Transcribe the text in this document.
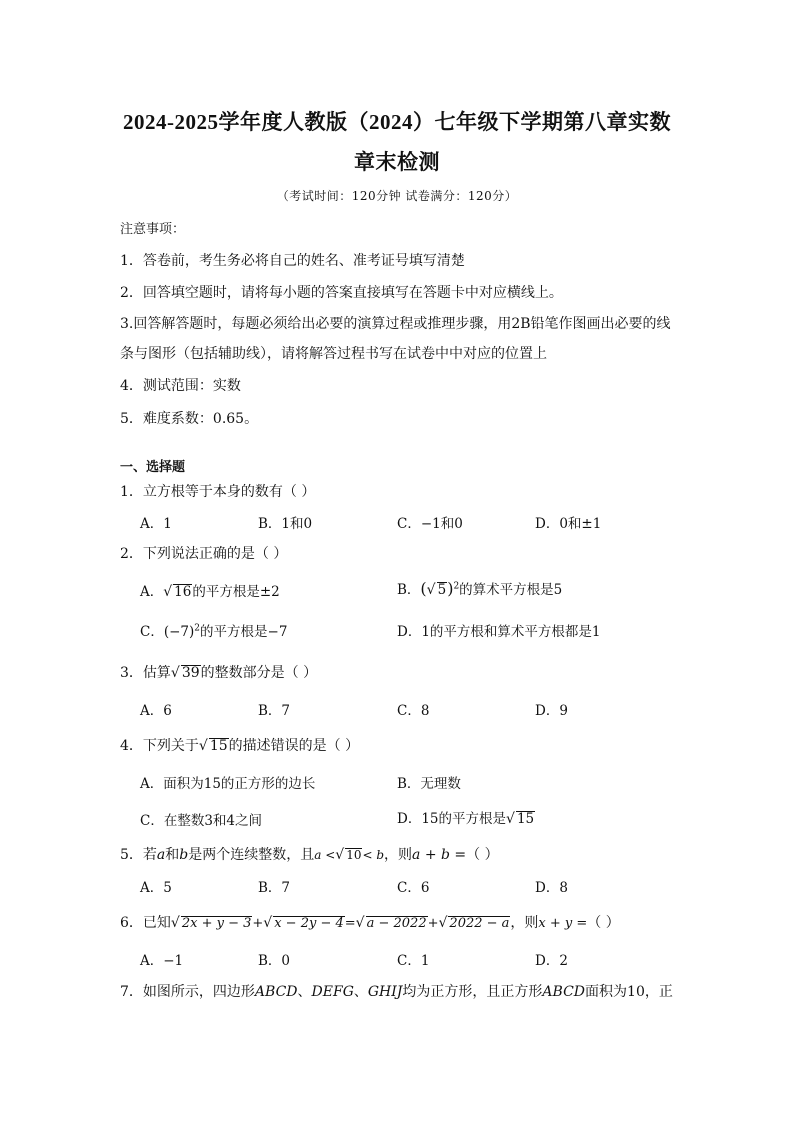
2024-2025学年度人教版（2024）七年级下学期第八章实数
章末检测
（考试时间：120分钟 试卷满分：120分）
注意事项：
1．答卷前，考生务必将自己的姓名、准考证号填写清楚
2．回答填空题时，请将每小题的答案直接填写在答题卡中对应横线上。
3.回答解答题时，每题必须给出必要的演算过程或推理步骤，用2B铅笔作图画出必要的线
条与图形（包括辅助线），请将解答过程书写在试卷中中对应的位置上
4．测试范围：实数
5．难度系数：0.65。
一、选择题
1．立方根等于本身的数有（ ）
A．1	B．1和0	C．−1和0	D．0和±1
2．下列说法正确的是（ ）
A．√ 16的平方根是±2	B．(√ 5)$^2$的算术平方根是5
C．$(-7)^2$的平方根是−7	D．1的平方根和算术平方根都是1
3．估算√ 39的整数部分是（ ）
A．6	B．7	C．8	D．9
4．下列关于√ 15的描述错误的是（ ）
A．面积为15的正方形的边长	B．无理数
C．在整数3和4之间	D．15的平方根是√ 15
5．若a和b是两个连续整数，且a <√ 10< b，则a + b =（ ）
A．5	B．7	C．6	D．8
6．已知√ 2x + y − 3+√ x − 2y − 4=√ a − 2022+√ 2022 − a，则x + y =（ ）
A．−1	B．0	C．1	D．2
7．如图所示，四边形ABCD、DEFG、GHIJ均为正方形，且正方形ABCD面积为10，正
